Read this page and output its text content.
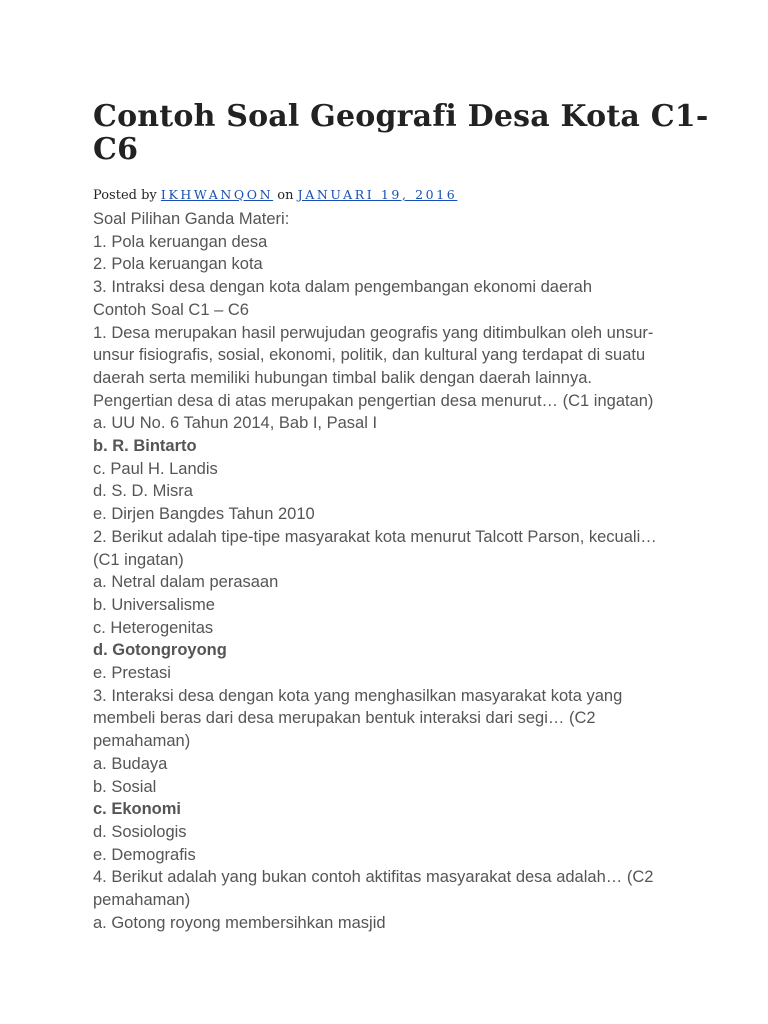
Contoh Soal Geografi Desa Kota C1-
C6
Posted by IKHWANQON on JANUARI 19, 2016
Soal Pilihan Ganda Materi:
1. Pola keruangan desa
2. Pola keruangan kota
3. Intraksi desa dengan kota dalam pengembangan ekonomi daerah
Contoh Soal C1 – C6
1. Desa merupakan hasil perwujudan geografis yang ditimbulkan oleh unsur-
unsur fisiografis, sosial, ekonomi, politik, dan kultural yang terdapat di suatu
daerah serta memiliki hubungan timbal balik dengan daerah lainnya.
Pengertian desa di atas merupakan pengertian desa menurut… (C1 ingatan)
a. UU No. 6 Tahun 2014, Bab I, Pasal I
b. R. Bintarto
c. Paul H. Landis
d. S. D. Misra
e. Dirjen Bangdes Tahun 2010
2. Berikut adalah tipe-tipe masyarakat kota menurut Talcott Parson, kecuali…
(C1 ingatan)
a. Netral dalam perasaan
b. Universalisme
c. Heterogenitas
d. Gotongroyong
e. Prestasi
3. Interaksi desa dengan kota yang menghasilkan masyarakat kota yang
membeli beras dari desa merupakan bentuk interaksi dari segi… (C2
pemahaman)
a. Budaya
b. Sosial
c. Ekonomi
d. Sosiologis
e. Demografis
4. Berikut adalah yang bukan contoh aktifitas masyarakat desa adalah… (C2
pemahaman)
a. Gotong royong membersihkan masjid
